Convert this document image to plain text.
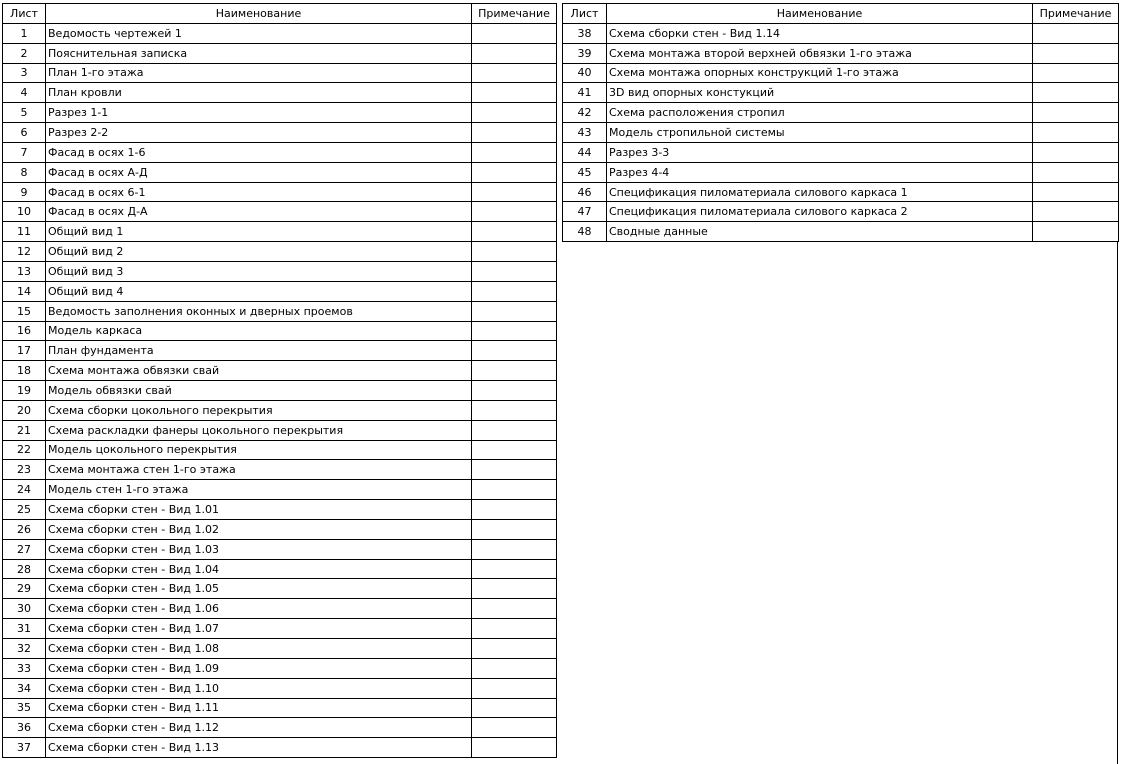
Лист	Наименование	Примечание
1	Ведомость чертежей 1	
2	Пояснительная записка	
3	План 1-го этажа	
4	План кровли	
5	Разрез 1-1	
6	Разрез 2-2	
7	Фасад в осях 1-6	
8	Фасад в осях А-Д	
9	Фасад в осях 6-1	
10	Фасад в осях Д-А	
11	Общий вид 1	
12	Общий вид 2	
13	Общий вид 3	
14	Общий вид 4	
15	Ведомость заполнения оконных и дверных проемов	
16	Модель каркаса	
17	План фундамента	
18	Схема монтажа обвязки свай	
19	Модель обвязки свай	
20	Схема сборки цокольного перекрытия	
21	Схема раскладки фанеры цокольного перекрытия	
22	Модель цокольного перекрытия	
23	Схема монтажа стен 1-го этажа	
24	Модель стен 1-го этажа	
25	Схема сборки стен - Вид 1.01	
26	Схема сборки стен - Вид 1.02	
27	Схема сборки стен - Вид 1.03	
28	Схема сборки стен - Вид 1.04	
29	Схема сборки стен - Вид 1.05	
30	Схема сборки стен - Вид 1.06	
31	Схема сборки стен - Вид 1.07	
32	Схема сборки стен - Вид 1.08	
33	Схема сборки стен - Вид 1.09	
34	Схема сборки стен - Вид 1.10	
35	Схема сборки стен - Вид 1.11	
36	Схема сборки стен - Вид 1.12	
37	Схема сборки стен - Вид 1.13	
Лист	Наименование	Примечание
38	Схема сборки стен - Вид 1.14	
39	Схема монтажа второй верхней обвязки 1-го этажа	
40	Схема монтажа опорных конструкций 1-го этажа	
41	3D вид опорных констукций	
42	Схема расположения стропил	
43	Модель стропильной системы	
44	Разрез 3-3	
45	Разрез 4-4	
46	Спецификация пиломатериала силового каркаса 1	
47	Спецификация пиломатериала силового каркаса 2	
48	Сводные данные	
